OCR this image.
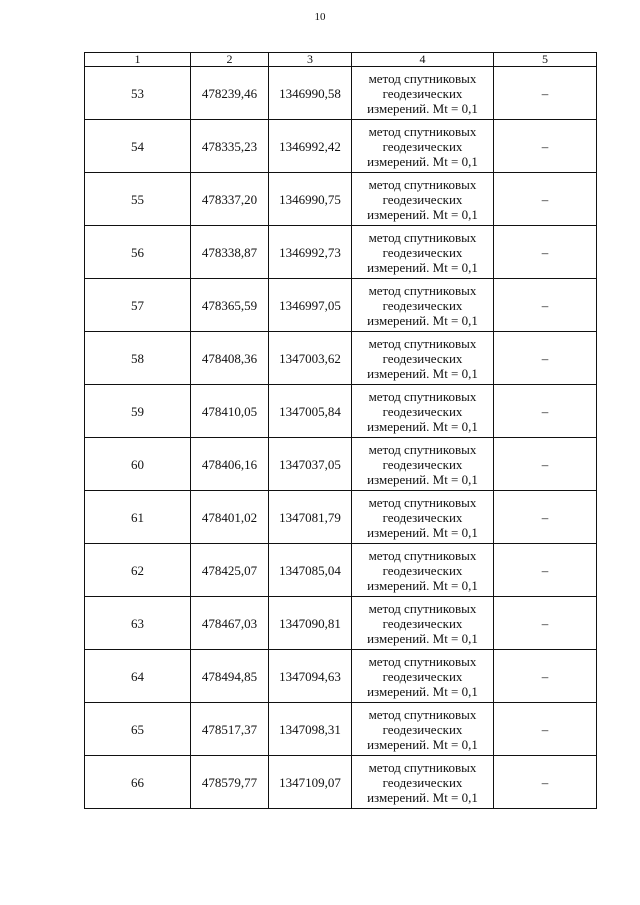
10
1	2	3	4	5
53	478239,46	1346990,58	метод спутниковых
геодезических
измерений. Mt = 0,1	–
54	478335,23	1346992,42	метод спутниковых
геодезических
измерений. Mt = 0,1	–
55	478337,20	1346990,75	метод спутниковых
геодезических
измерений. Mt = 0,1	–
56	478338,87	1346992,73	метод спутниковых
геодезических
измерений. Mt = 0,1	–
57	478365,59	1346997,05	метод спутниковых
геодезических
измерений. Mt = 0,1	–
58	478408,36	1347003,62	метод спутниковых
геодезических
измерений. Mt = 0,1	–
59	478410,05	1347005,84	метод спутниковых
геодезических
измерений. Mt = 0,1	–
60	478406,16	1347037,05	метод спутниковых
геодезических
измерений. Mt = 0,1	–
61	478401,02	1347081,79	метод спутниковых
геодезических
измерений. Mt = 0,1	–
62	478425,07	1347085,04	метод спутниковых
геодезических
измерений. Mt = 0,1	–
63	478467,03	1347090,81	метод спутниковых
геодезических
измерений. Mt = 0,1	–
64	478494,85	1347094,63	метод спутниковых
геодезических
измерений. Mt = 0,1	–
65	478517,37	1347098,31	метод спутниковых
геодезических
измерений. Mt = 0,1	–
66	478579,77	1347109,07	метод спутниковых
геодезических
измерений. Mt = 0,1	–
